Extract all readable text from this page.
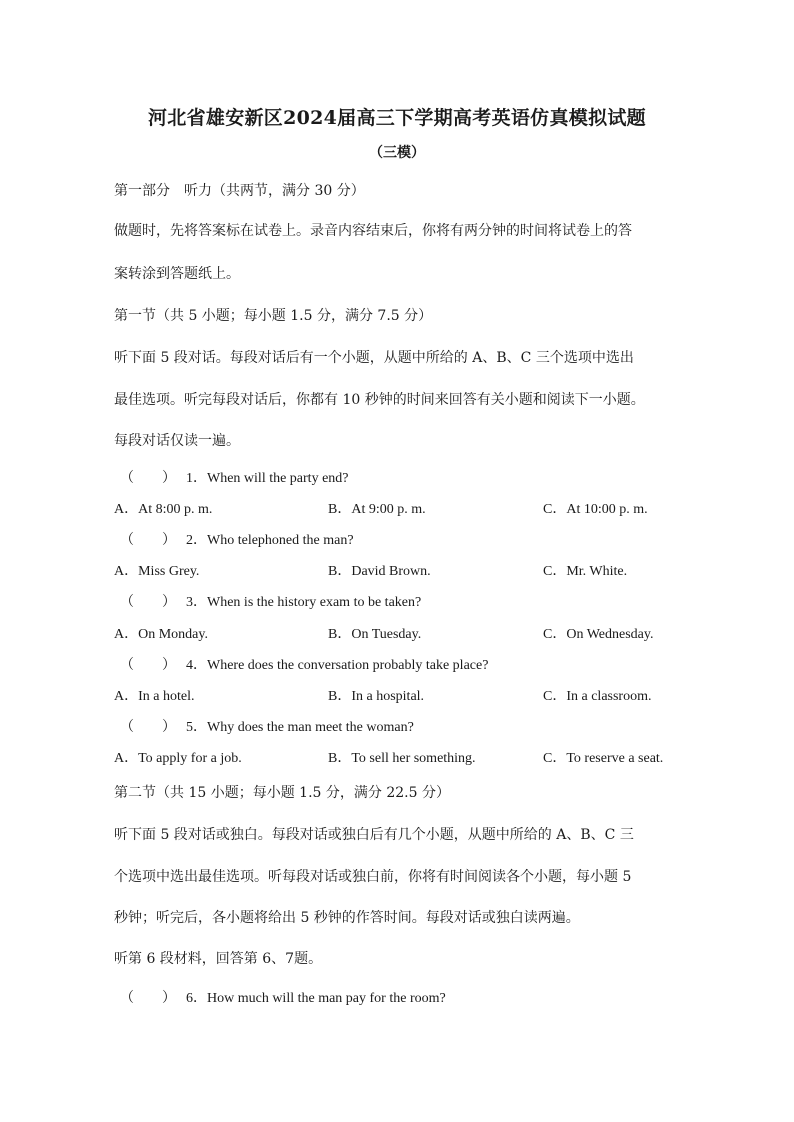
河北省雄安新区2024届高三下学期高考英语仿真模拟试题
（三模）
第一部分　听力（共两节，满分 30 分）
做题时，先将答案标在试卷上。录音内容结束后，你将有两分钟的时间将试卷上的答
案转涂到答题纸上。
第一节（共 5 小题；每小题 1.5 分，满分 7.5 分）
听下面 5 段对话。每段对话后有一个小题，从题中所给的 A、B、C 三个选项中选出
最佳选项。听完每段对话后，你都有 10 秒钟的时间来回答有关小题和阅读下一小题。
每段对话仅读一遍。
（　　） 1．When will the party end?
A．At 8:00 p. m.	B．At 9:00 p. m.	C．At 10:00 p. m.
（　　） 2．Who telephoned the man?
A．Miss Grey.	B．David Brown.	C．Mr. White.
（　　） 3．When is the history exam to be taken?
A．On Monday.	B．On Tuesday.	C．On Wednesday.
（　　） 4．Where does the conversation probably take place?
A．In a hotel.	B．In a hospital.	C．In a classroom.
（　　） 5．Why does the man meet the woman?
A．To apply for a job.	B．To sell her something.	C．To reserve a seat.
第二节（共 15 小题；每小题 1.5 分，满分 22.5 分）
听下面 5 段对话或独白。每段对话或独白后有几个小题，从题中所给的 A、B、C 三
个选项中选出最佳选项。听每段对话或独白前，你将有时间阅读各个小题，每小题 5
秒钟；听完后，各小题将给出 5 秒钟的作答时间。每段对话或独白读两遍。
听第 6 段材料，回答第 6、7题。
（　　） 6．How much will the man pay for the room?
